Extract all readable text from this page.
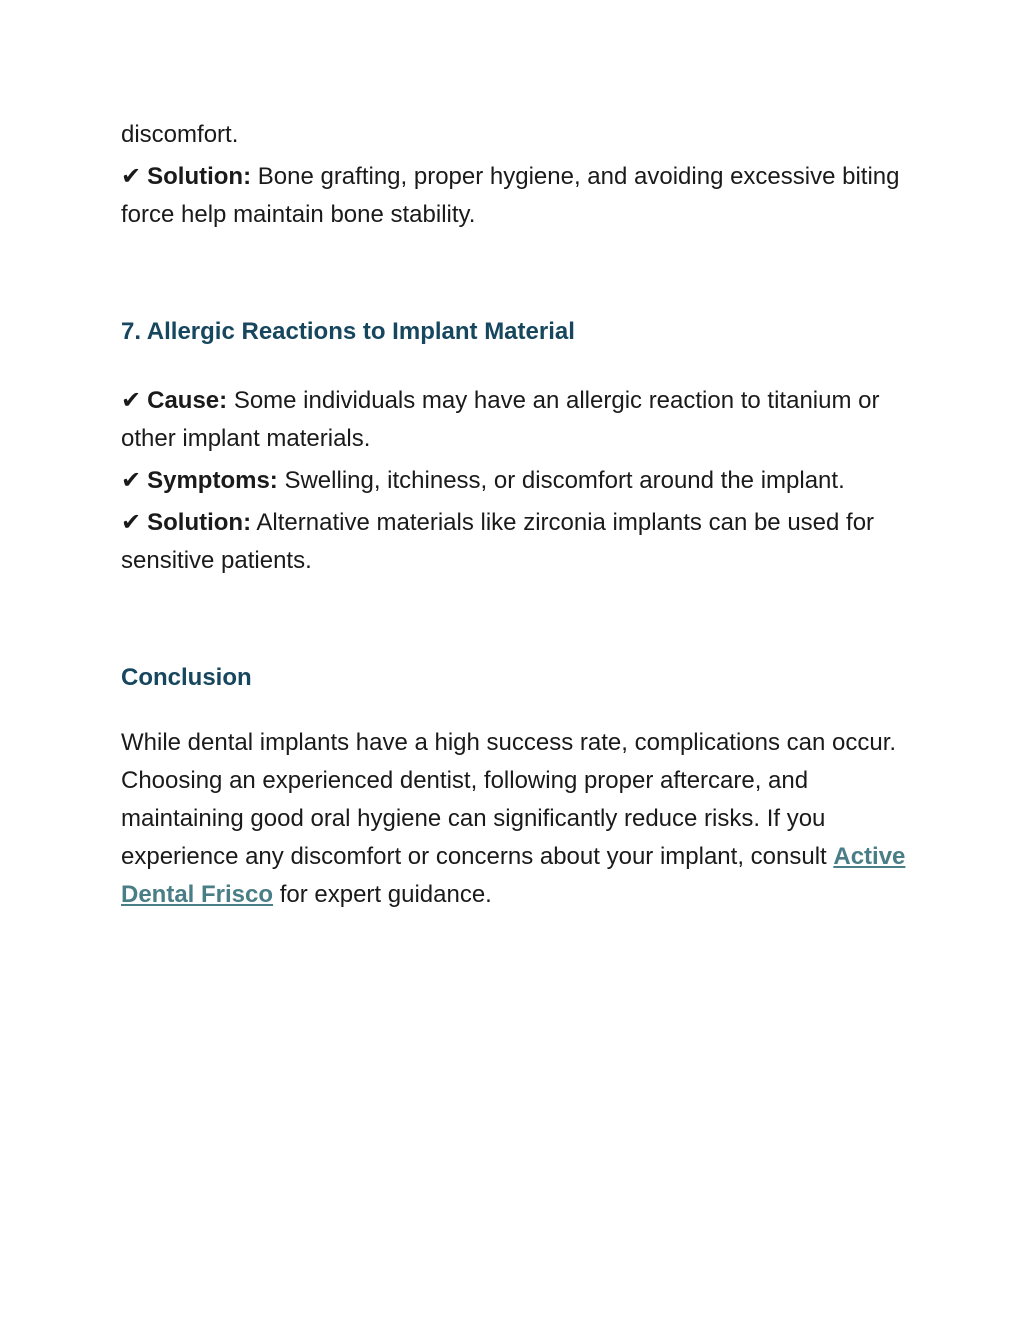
discomfort.

✔ Solution: Bone grafting, proper hygiene, and avoiding excessive biting force help maintain bone stability.

7. Allergic Reactions to Implant Material

✔ Cause: Some individuals may have an allergic reaction to titanium or other implant materials.

✔ Symptoms: Swelling, itchiness, or discomfort around the implant.

✔ Solution: Alternative materials like zirconia implants can be used for sensitive patients.

Conclusion

While dental implants have a high success rate, complications can occur. Choosing an experienced dentist, following proper aftercare, and maintaining good oral hygiene can significantly reduce risks. If you experience any discomfort or concerns about your implant, consult Active Dental Frisco for expert guidance.
